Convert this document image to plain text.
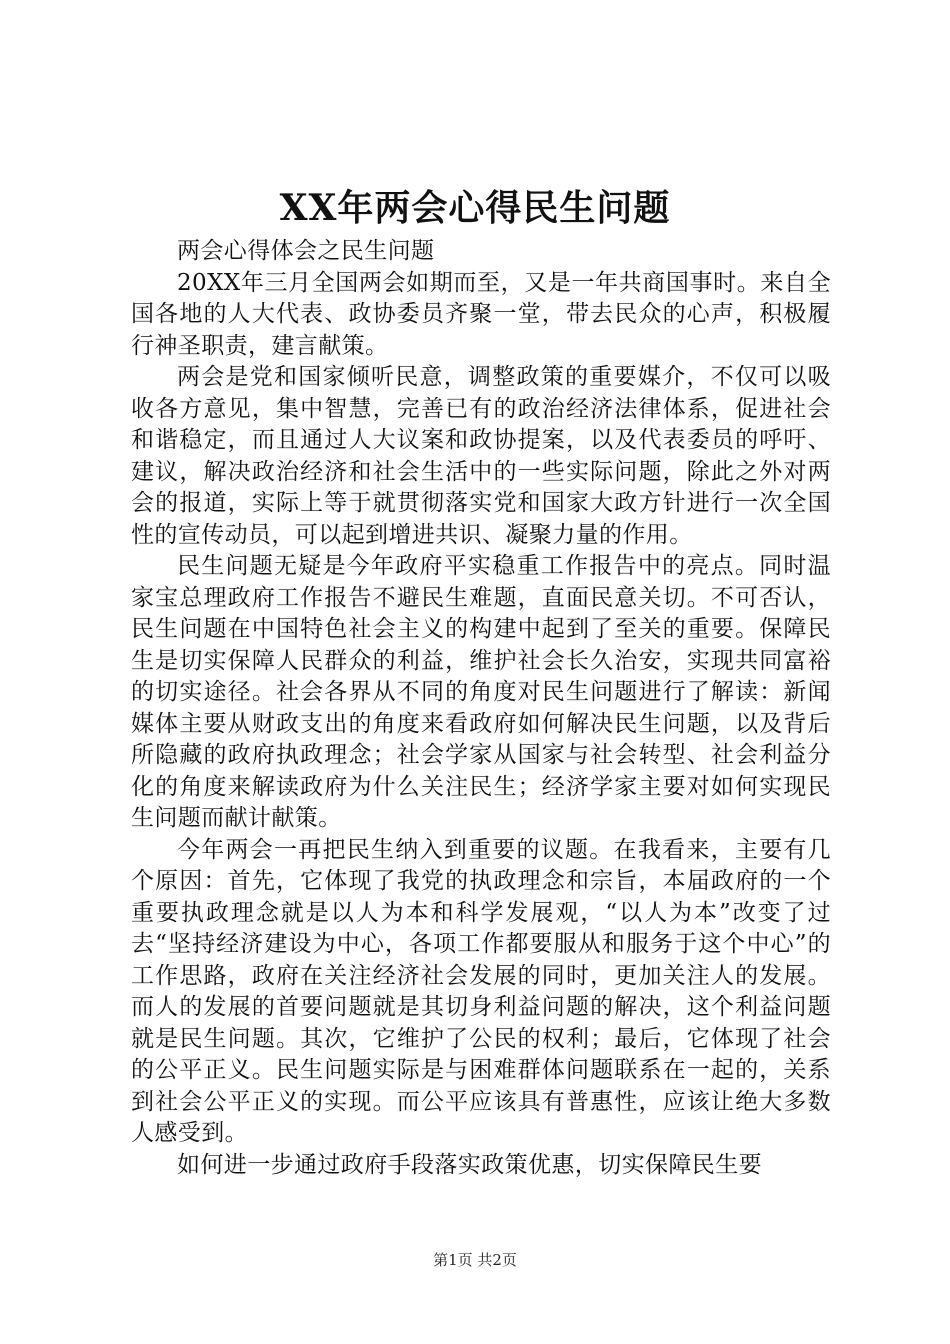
XX年两会心得民生问题

两会心得体会之民生问题

20XX年三月全国两会如期而至，又是一年共商国事时。来自全国各地的人大代表、政协委员齐聚一堂，带去民众的心声，积极履行神圣职责，建言献策。

两会是党和国家倾听民意，调整政策的重要媒介，不仅可以吸收各方意见，集中智慧，完善已有的政治经济法律体系，促进社会和谐稳定，而且通过人大议案和政协提案，以及代表委员的呼吁、建议，解决政治经济和社会生活中的一些实际问题，除此之外对两会的报道，实际上等于就贯彻落实党和国家大政方针进行一次全国性的宣传动员，可以起到增进共识、凝聚力量的作用。

民生问题无疑是今年政府平实稳重工作报告中的亮点。同时温家宝总理政府工作报告不避民生难题，直面民意关切。不可否认，民生问题在中国特色社会主义的构建中起到了至关的重要。保障民生是切实保障人民群众的利益，维护社会长久治安，实现共同富裕的切实途径。社会各界从不同的角度对民生问题进行了解读：新闻媒体主要从财政支出的角度来看政府如何解决民生问题，以及背后所隐藏的政府执政理念；社会学家从国家与社会转型、社会利益分化的角度来解读政府为什么关注民生；经济学家主要对如何实现民生问题而献计献策。

今年两会一再把民生纳入到重要的议题。在我看来，主要有几个原因：首先，它体现了我党的执政理念和宗旨，本届政府的一个重要执政理念就是以人为本和科学发展观，“以人为本”改变了过去“坚持经济建设为中心，各项工作都要服从和服务于这个中心”的工作思路，政府在关注经济社会发展的同时，更加关注人的发展。而人的发展的首要问题就是其切身利益问题的解决，这个利益问题就是民生问题。其次，它维护了公民的权利；最后，它体现了社会的公平正义。民生问题实际是与困难群体问题联系在一起的，关系到社会公平正义的实现。而公平应该具有普惠性，应该让绝大多数人感受到。

如何进一步通过政府手段落实政策优惠，切实保障民生要

第1页 共2页
